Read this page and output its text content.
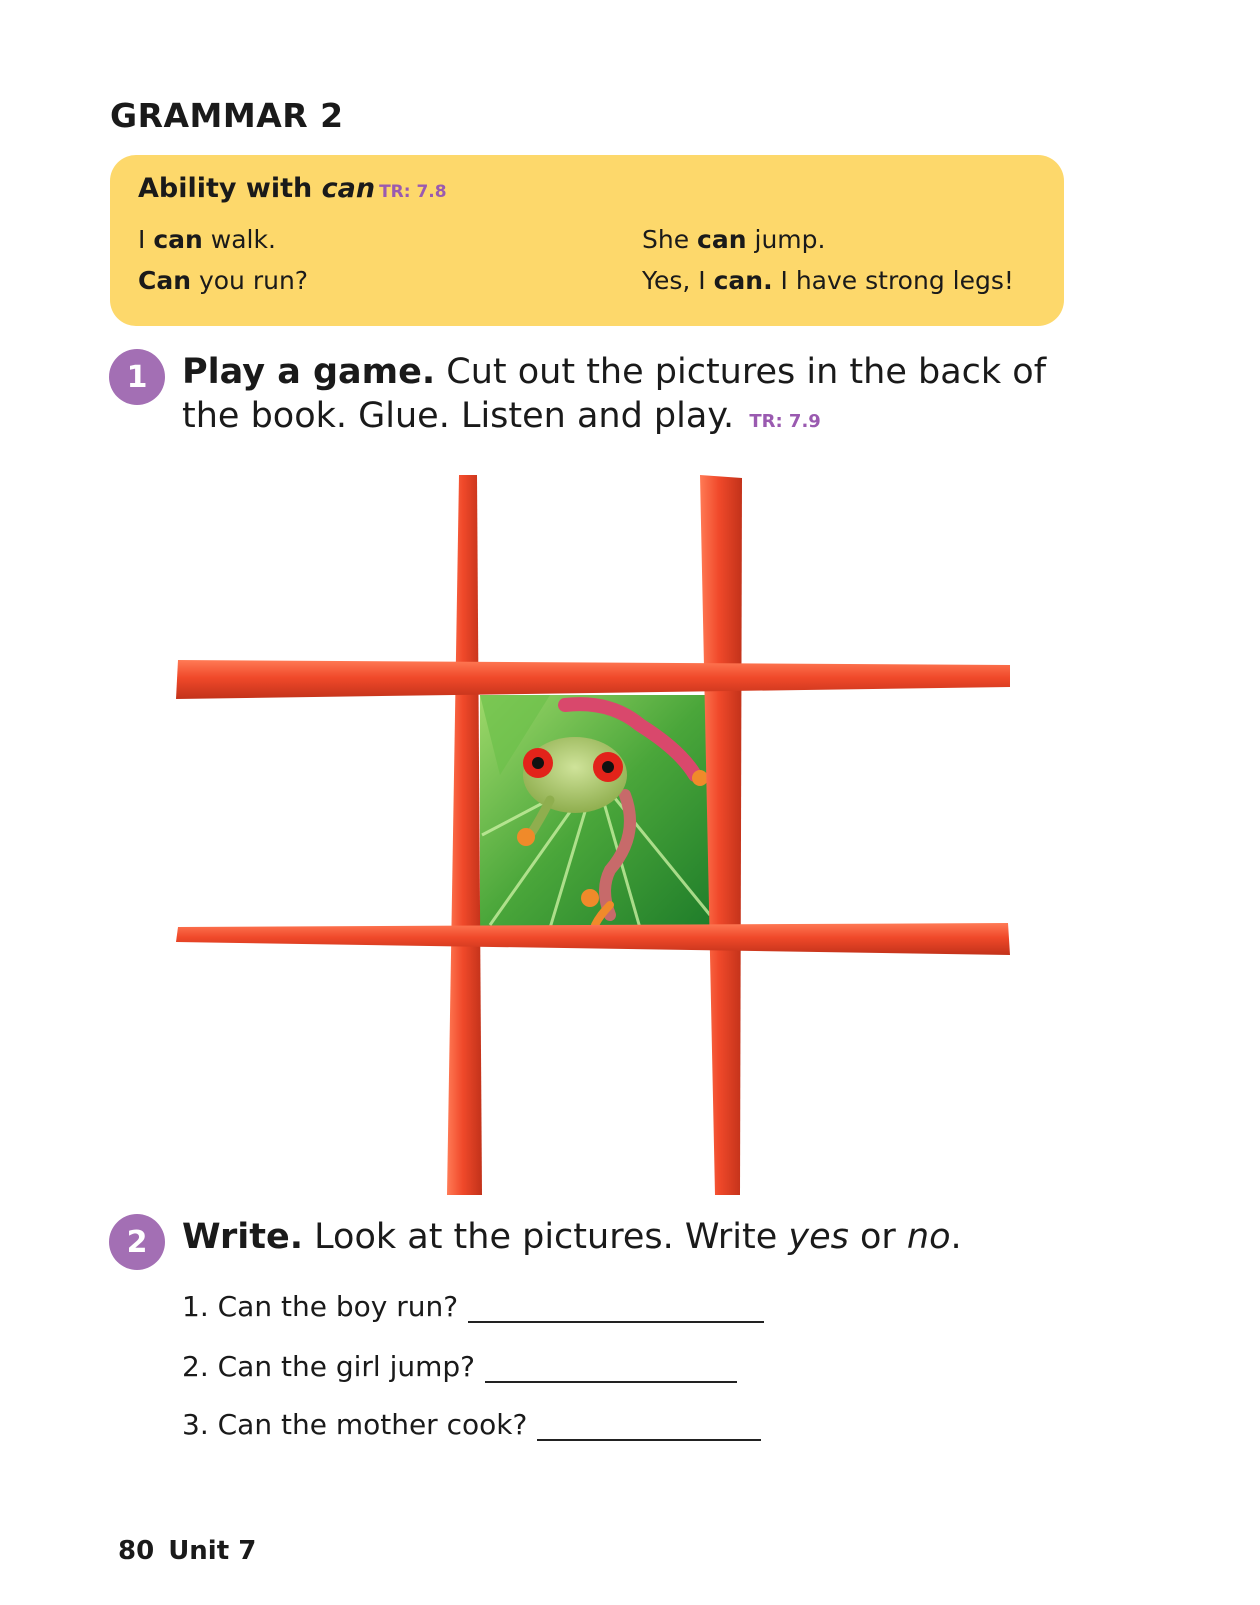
GRAMMAR 2
Ability with can TR: 7.8
I can walk.
Can you run?
She can jump.
Yes, I can. I have strong legs!
1 Play a game. Cut out the pictures in the back of
the book. Glue. Listen and play. TR: 7.9
2 Write. Look at the pictures. Write yes or no.
1. Can the boy run?
2. Can the girl jump?
3. Can the mother cook?
80 Unit 7
